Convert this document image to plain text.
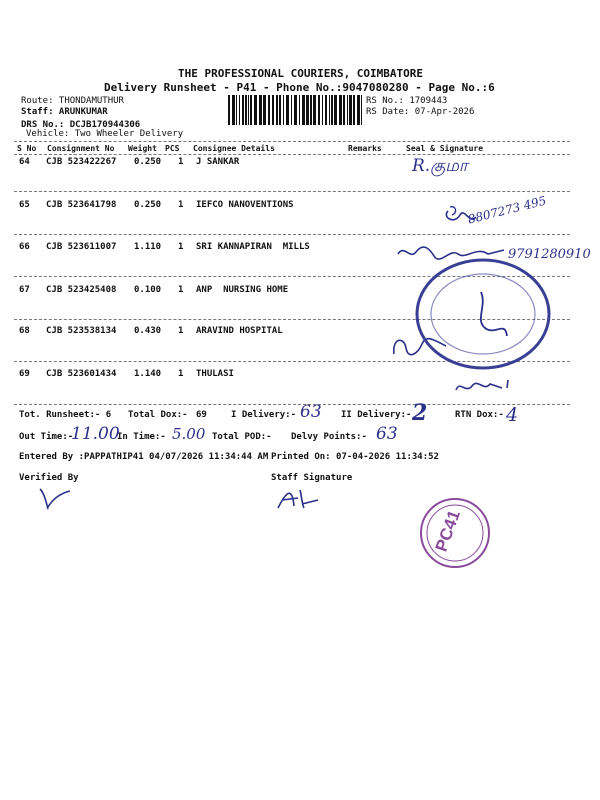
THE PROFESSIONAL COURIERS, COIMBATORE
Delivery Runsheet - P41 - Phone No.:9047080280 - Page No.:6
Route: THONDAMUTHUR
Staff: ARUNKUMAR
DRS No.: DCJB170944306
Vehicle: Two Wheeler Delivery
RS No.: 1709443
RS Date: 07-Apr-2026
S No Consignment No Weight PCS Consignee Details	Remarks	Seal & Signature
64 CJB 523422267 0.250 1 J SANKAR
65 CJB 523641798 0.250 1 IEFCO NANOVENTIONS
66 CJB 523611007 1.110 1 SRI KANNAPIRAN  MILLS
67 CJB 523425408 0.100 1 ANP  NURSING HOME
68 CJB 523538134 0.430 1 ARAVIND HOSPITAL
69 CJB 523601434 1.140 1 THULASI
Tot. Runsheet:- 6 Total Dox:- 69	I Delivery:-	II Delivery:-	RTN Dox:-
Out Time:-	In Time:-	Total POD:- Delvy Points:-
63	2	4
11.00	5.00	63
Entered By :PAPPATHIP41 04/07/2026 11:34:44 AM Printed On: 07-04-2026 11:34:52
Verified By	Staff Signature
R.குமா
8807273 495
9791280910
PC41
